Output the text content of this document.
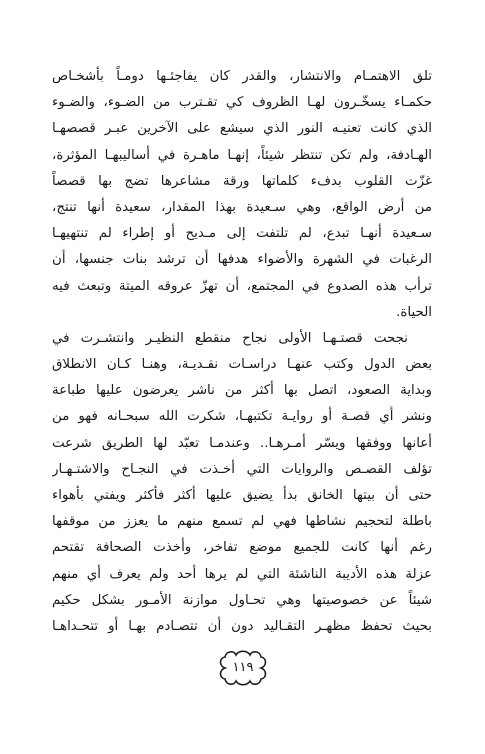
تلق الاهتمـام والانتشار، والقدر كان يفاجئـها دومـاً بأشخـاص
حكمـاء يسخّـرون لهـا الظروف كي تقـترب من الضـوء، والضـوء
الذي كانت تعنيـه النور الذي سيشع على الآخرين عبـر قصصهـا
الهـادفة، ولم تكن تنتظر شيئاً، إنهـا ماهـرة في أساليبهـا المؤثرة،
غزّت القلوب بدفء كلماتها ورقة مشاعرها تضج بها قصصاً
من أرض الواقع، وهي سـعيدة بهذا المقدار، سعيدة أنها تنتج،
سـعيدة أنهـا تبدع، لم تلتفت إلى مـديح أو إطراء لم تنتهيهـا
الرغبات في الشهرة والأضواء هدفها أن ترشد بنات جنسها، أن
ترأب هذه الصدوع في المجتمع، أن تهزّ عروقه الميتة وتبعث فيه
الحياة.
نجحت قصتـهـا الأولى نجاح منقطع النظيـر وانتشـرت في
بعض الدول وكتب عنهـا دراسـات نقـديـة، وهنـا كـان الانطلاق
وبداية الصعود، اتصل بها أكثر من ناشر يعرضون عليها طباعة
ونشر أي قصـة أو روايـة تكتبهـا، شكرت الله سبحـانه فهو من
أعانها ووفقها ويسّر أمـرهـا.. وعندمـا تعبّد لها الطريق شرعت
تؤلف القصـص والروايات التي أخـذت في النجـاح والاشتـهـار
حتى أن بيتها الخانق بدأ يضيق عليها أكثر فأكثر ويفتي بأهواء
باطلة لتحجيم نشاطها فهي لم تسمع منهم ما يعزز من موقفها
رغم أنها كانت للجميع موضع تفاخر، وأخذت الصحافة تقتحم
عزلة هذه الأديبة الناشئة التي لم يرها أحد ولم يعرف أي منهم
شيئاً عن خصوصيتها وهي تحـاول موازنة الأمـور بشكل حكيم
بحيث تحفظ مظهـر التقـاليد دون أن تتصـادم بهـا أو تتحـداهـا
١١٩
